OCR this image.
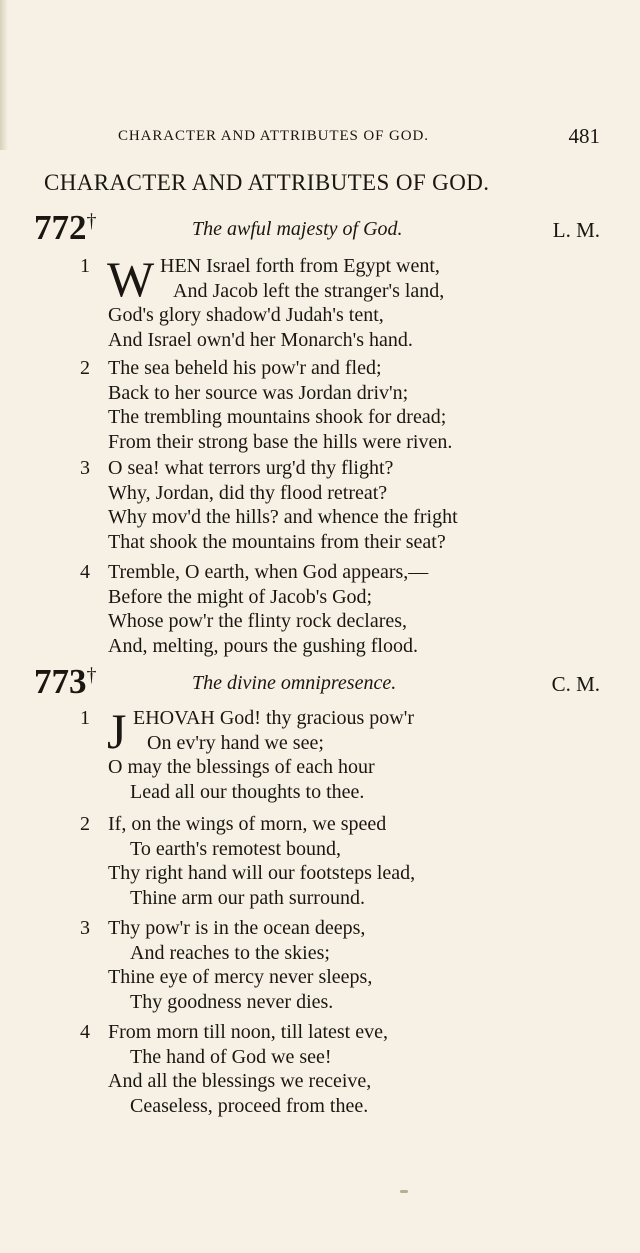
CHARACTER AND ATTRIBUTES OF GOD.	481
CHARACTER AND ATTRIBUTES OF GOD.
772†	The awful majesty of God.	L. M.
1 W HEN Israel forth from Egypt went,
And Jacob left the stranger's land,
God's glory shadow'd Judah's tent,
And Israel own'd her Monarch's hand.
2 The sea beheld his pow'r and fled;
Back to her source was Jordan driv'n;
The trembling mountains shook for dread;
From their strong base the hills were riven.
3 O sea! what terrors urg'd thy flight?
Why, Jordan, did thy flood retreat?
Why mov'd the hills? and whence the fright
That shook the mountains from their seat?
4 Tremble, O earth, when God appears,—
Before the might of Jacob's God;
Whose pow'r the flinty rock declares,
And, melting, pours the gushing flood.
773†	The divine omnipresence.	C. M.
1 J EHOVAH God! thy gracious pow'r
On ev'ry hand we see;
O may the blessings of each hour
Lead all our thoughts to thee.
2 If, on the wings of morn, we speed
To earth's remotest bound,
Thy right hand will our footsteps lead,
Thine arm our path surround.
3 Thy pow'r is in the ocean deeps,
And reaches to the skies;
Thine eye of mercy never sleeps,
Thy goodness never dies.
4 From morn till noon, till latest eve,
The hand of God we see!
And all the blessings we receive,
Ceaseless, proceed from thee.
